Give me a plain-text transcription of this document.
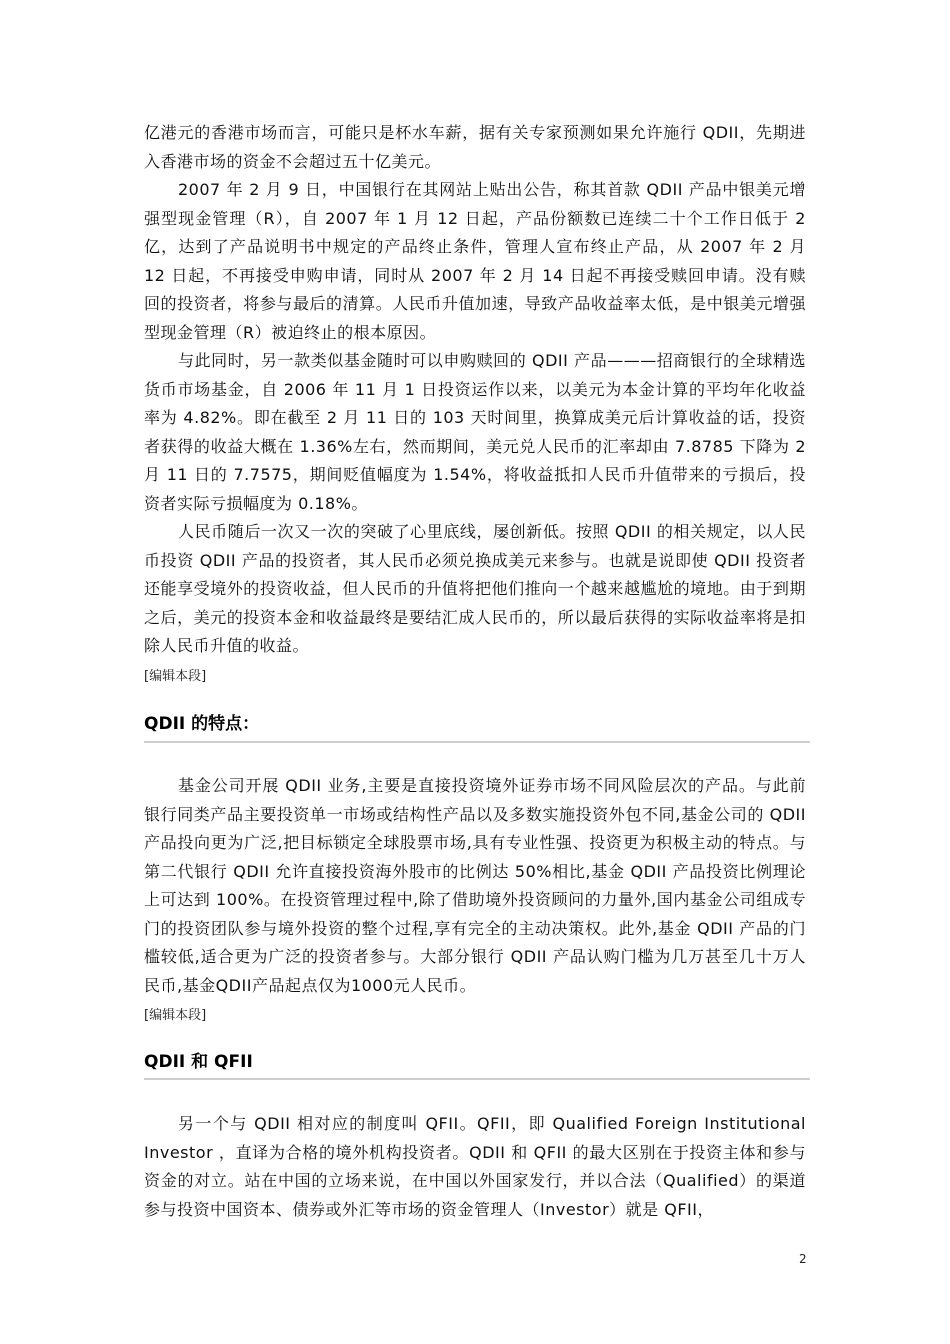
亿港元的香港市场而言，可能只是杯水车薪，据有关专家预测如果允许施行 QDII，先期进入香港市场的资金不会超过五十亿美元。
2007 年 2 月 9 日，中国银行在其网站上贴出公告，称其首款 QDII 产品中银美元增强型现金管理（R），自 2007 年 1 月 12 日起，产品份额数已连续二十个工作日低于 2 亿，达到了产品说明书中规定的产品终止条件，管理人宣布终止产品，从 2007 年 2 月 12 日起，不再接受申购申请，同时从 2007 年 2 月 14 日起不再接受赎回申请。没有赎回的投资者，将参与最后的清算。人民币升值加速，导致产品收益率太低，是中银美元增强型现金管理（R）被迫终止的根本原因。
与此同时，另一款类似基金随时可以申购赎回的 QDII 产品———招商银行的全球精选货币市场基金，自 2006 年 11 月 1 日投资运作以来，以美元为本金计算的平均年化收益率为 4.82%。即在截至 2 月 11 日的 103 天时间里，换算成美元后计算收益的话，投资者获得的收益大概在 1.36%左右，然而期间，美元兑人民币的汇率却由 7.8785 下降为 2 月 11 日的 7.7575，期间贬值幅度为 1.54%，将收益抵扣人民币升值带来的亏损后，投资者实际亏损幅度为 0.18%。
人民币随后一次又一次的突破了心里底线，屡创新低。按照 QDII 的相关规定，以人民币投资 QDII 产品的投资者，其人民币必须兑换成美元来参与。也就是说即使 QDII 投资者还能享受境外的投资收益，但人民币的升值将把他们推向一个越来越尴尬的境地。由于到期之后，美元的投资本金和收益最终是要结汇成人民币的，所以最后获得的实际收益率将是扣除人民币升值的收益。
[编辑本段]
QDII 的特点：
基金公司开展 QDII 业务,主要是直接投资境外证券市场不同风险层次的产品。与此前银行同类产品主要投资单一市场或结构性产品以及多数实施投资外包不同,基金公司的 QDII 产品投向更为广泛,把目标锁定全球股票市场,具有专业性强、投资更为积极主动的特点。与第二代银行 QDII 允许直接投资海外股市的比例达 50%相比,基金 QDII 产品投资比例理论上可达到 100%。在投资管理过程中,除了借助境外投资顾问的力量外,国内基金公司组成专门的投资团队参与境外投资的整个过程,享有完全的主动决策权。此外,基金 QDII 产品的门槛较低,适合更为广泛的投资者参与。大部分银行 QDII 产品认购门槛为几万甚至几十万人民币,基金QDII产品起点仅为1000元人民币。
[编辑本段]
QDII 和 QFII
另一个与 QDII 相对应的制度叫 QFII。QFII，即 Qualified Foreign Institutional Investor ，直译为合格的境外机构投资者。QDII 和 QFII 的最大区别在于投资主体和参与资金的对立。站在中国的立场来说，在中国以外国家发行，并以合法（Qualified）的渠道参与投资中国资本、债券或外汇等市场的资金管理人（Investor）就是 QFII，
2
